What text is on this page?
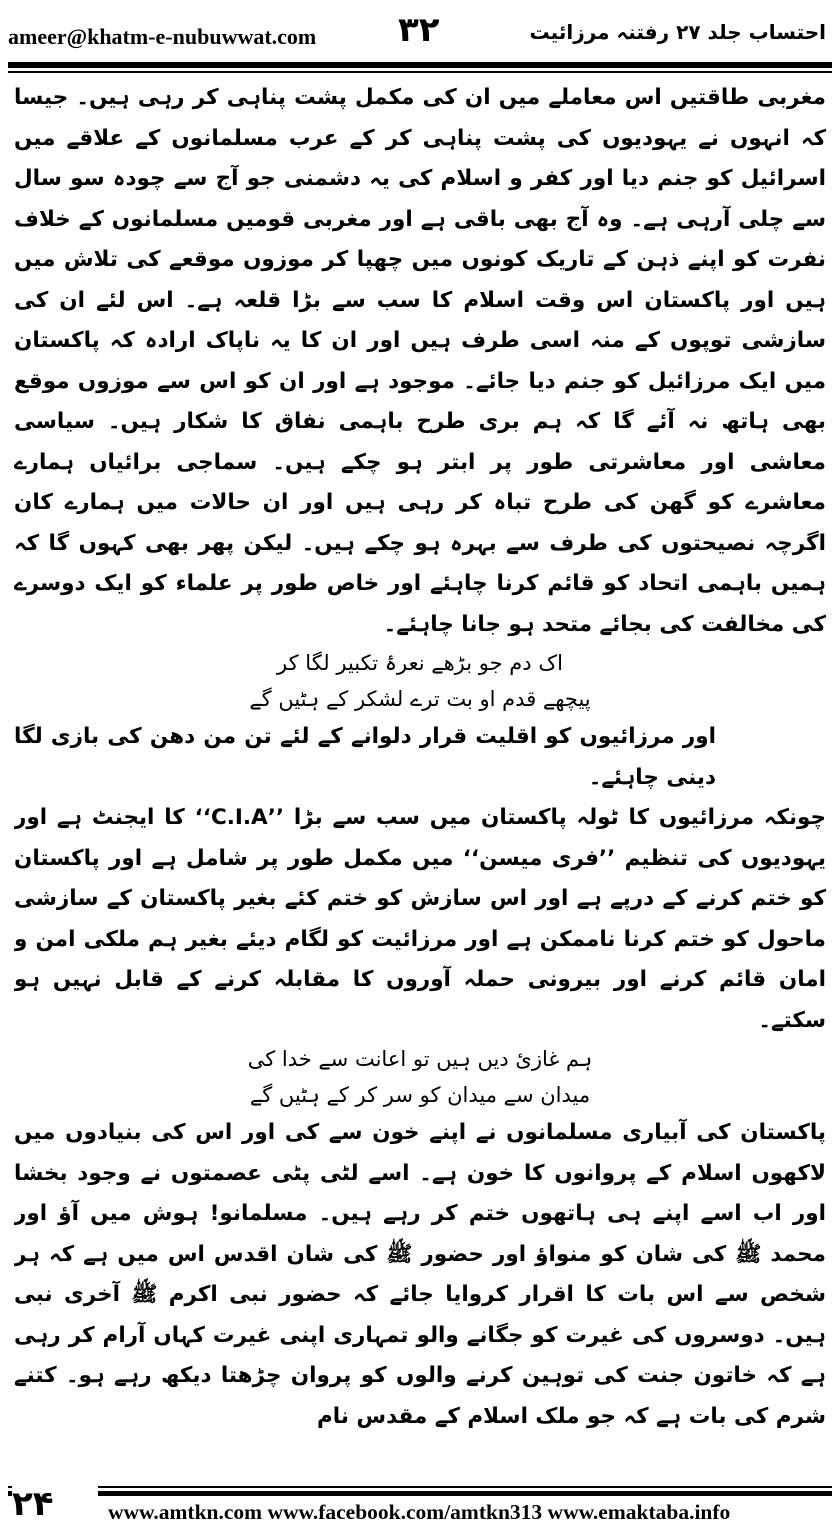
ameer@khatm-e-nubuwwat.com ۳۲	احتساب جلد ۲۷ رفتنہ مرزائیت

مغربی طاقتیں اس معاملے میں ان کی مکمل پشت پناہی کر رہی ہیں۔ جیسا کہ انہوں نے یہودیوں کی پشت پناہی کر کے عرب مسلمانوں کے علاقے میں اسرائیل کو جنم دیا اور کفر و اسلام کی یہ دشمنی جو آج سے چودہ سو سال سے چلی آرہی ہے۔ وہ آج بھی باقی ہے اور مغربی قومیں مسلمانوں کے خلاف نفرت کو اپنے ذہن کے تاریک کونوں میں چھپا کر موزوں موقعے کی تلاش میں ہیں اور پاکستان اس وقت اسلام کا سب سے بڑا قلعہ ہے۔ اس لئے ان کی سازشی توپوں کے منہ اسی طرف ہیں اور ان کا یہ ناپاک ارادہ کہ پاکستان میں ایک مرزائیل کو جنم دیا جائے۔ موجود ہے اور ان کو اس سے موزوں موقع بھی ہاتھ نہ آئے گا کہ ہم بری طرح باہمی نفاق کا شکار ہیں۔ سیاسی معاشی اور معاشرتی طور پر ابتر ہو چکے ہیں۔ سماجی برائیاں ہمارے معاشرے کو گھن کی طرح تباہ کر رہی ہیں اور ان حالات میں ہمارے کان اگرچہ نصیحتوں کی طرف سے بہرہ ہو چکے ہیں۔ لیکن پھر بھی کہوں گا کہ ہمیں باہمی اتحاد کو قائم کرنا چاہئے اور خاص طور پر علماء کو ایک دوسرے کی مخالفت کی بجائے متحد ہو جانا چاہئے۔

اک دم جو بڑھے نعرۂ تکبیر لگا کر
پیچھے قدم او بت ترے لشکر کے ہٹیں گے

اور مرزائیوں کو اقلیت قرار دلوانے کے لئے تن من دھن کی بازی لگا دینی چاہئے۔

چونکہ مرزائیوں کا ٹولہ پاکستان میں سب سے بڑا ’’C.I.A‘‘ کا ایجنٹ ہے اور یہودیوں کی تنظیم ’’فری میسن‘‘ میں مکمل طور پر شامل ہے اور پاکستان کو ختم کرنے کے درپے ہے اور اس سازش کو ختم کئے بغیر پاکستان کے سازشی ماحول کو ختم کرنا ناممکن ہے اور مرزائیت کو لگام دیئے بغیر ہم ملکی امن و امان قائم کرنے اور بیرونی حملہ آوروں کا مقابلہ کرنے کے قابل نہیں ہو سکتے۔

ہم غازیٔ دیں ہیں تو اعانت سے خدا کی
میدان سے میدان کو سر کر کے ہٹیں گے

پاکستان کی آبیاری مسلمانوں نے اپنے خون سے کی اور اس کی بنیادوں میں لاکھوں اسلام کے پروانوں کا خون ہے۔ اسے لٹی پٹی عصمتوں نے وجود بخشا اور اب اسے اپنے ہی ہاتھوں ختم کر رہے ہیں۔ مسلمانو! ہوش میں آؤ اور محمد ﷺ کی شان کو منواؤ اور حضور ﷺ کی شان اقدس اس میں ہے کہ ہر شخص سے اس بات کا اقرار کروایا جائے کہ حضور نبی اکرم ﷺ آخری نبی ہیں۔ دوسروں کی غیرت کو جگانے والو تمہاری اپنی غیرت کہاں آرام کر رہی ہے کہ خاتون جنت کی توہین کرنے والوں کو پروان چڑھتا دیکھ رہے ہو۔ کتنے شرم کی بات ہے کہ جو ملک اسلام کے مقدس نام

۲۴	www.amtkn.com www.facebook.com/amtkn313 www.emaktaba.info
